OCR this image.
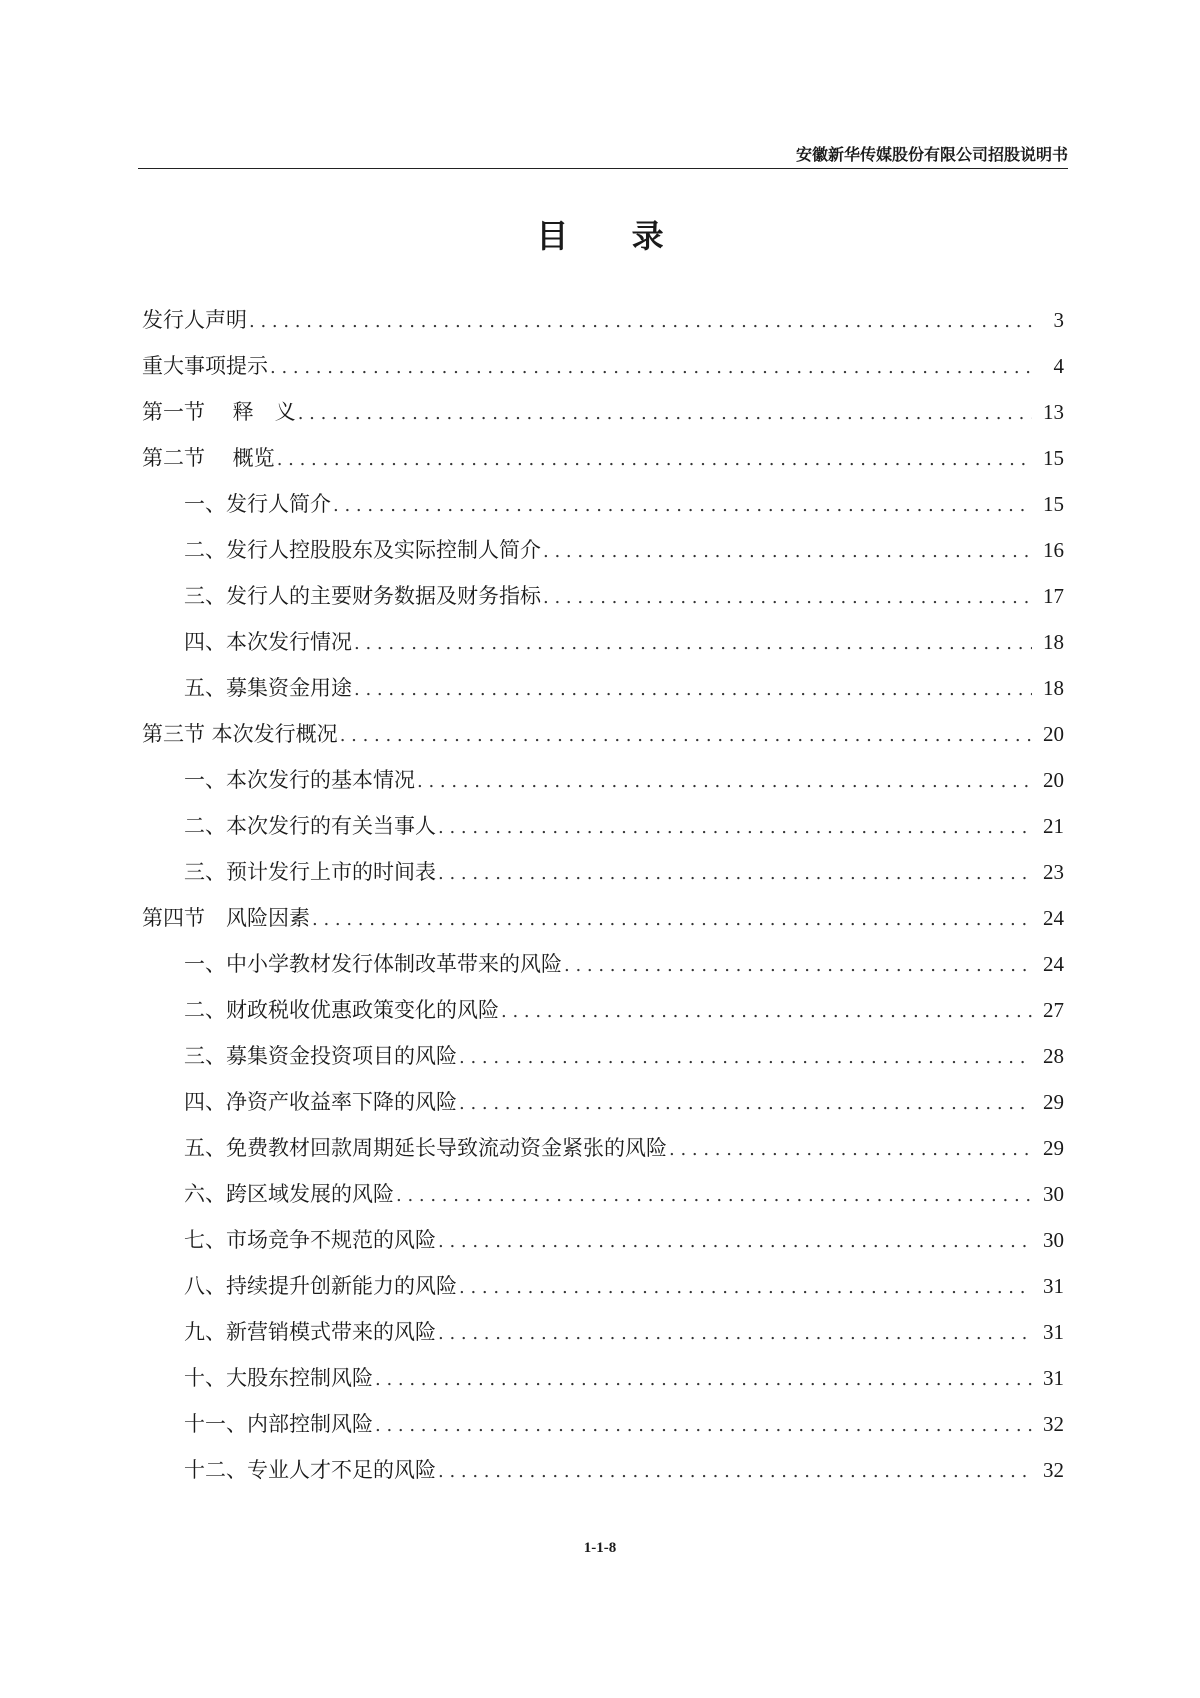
安徽新华传媒股份有限公司招股说明书
目 录
发行人声明 . . .	3
重大事项提示 . . .	4
第一节　 释　义 . . .	13
第二节　 概览 . . .	15
一、发行人简介 . . .	15
二、发行人控股股东及实际控制人简介 . . .	16
三、发行人的主要财务数据及财务指标 . . .	17
四、本次发行情况 . . .	18
五、募集资金用途 . . .	18
第三节 本次发行概况 . . .	20
一、本次发行的基本情况 . . .	20
二、本次发行的有关当事人 . . .	21
三、预计发行上市的时间表 . . .	23
第四节　风险因素 . . .	24
一、中小学教材发行体制改革带来的风险 . . .	24
二、财政税收优惠政策变化的风险 . . .	27
三、募集资金投资项目的风险 . . .	28
四、净资产收益率下降的风险 . . .	29
五、免费教材回款周期延长导致流动资金紧张的风险 . . .	29
六、跨区域发展的风险 . . .	30
七、市场竞争不规范的风险 . . .	30
八、持续提升创新能力的风险 . . .	31
九、新营销模式带来的风险 . . .	31
十、大股东控制风险 . . .	31
十一、内部控制风险 . . .	32
十二、专业人才不足的风险 . . .	32
1-1-8
